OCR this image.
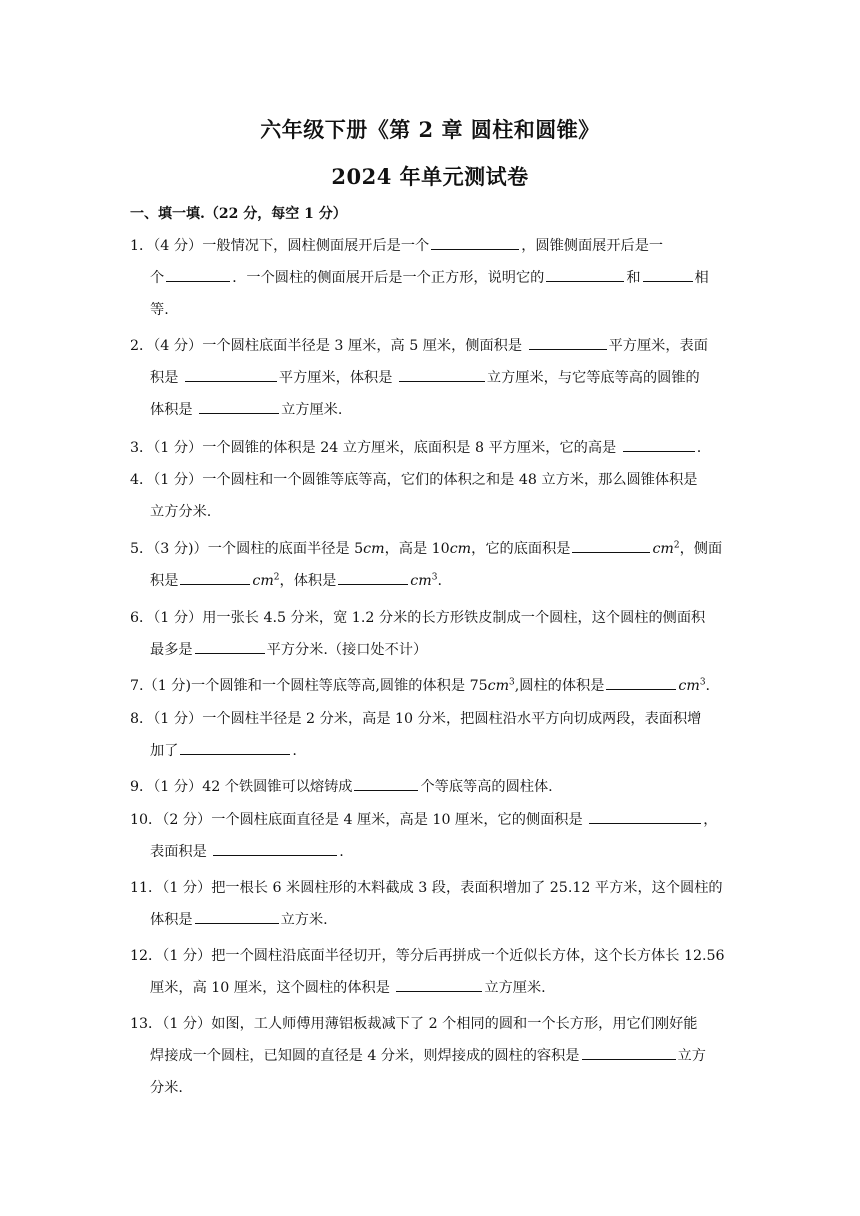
六年级下册《第 2 章 圆柱和圆锥》
2024 年单元测试卷
一、填一填.（22 分，每空 1 分）
1．（4 分）一般情况下，圆柱侧面展开后是一个	，圆锥侧面展开后是一
个	．一个圆柱的侧面展开后是一个正方形，说明它的	和	相
等.
2．（4 分）一个圆柱底面半径是 3 厘米，高 5 厘米，侧面积是	平方厘米，表面
积是	平方厘米，体积是	立方厘米，与它等底等高的圆锥的
体积是	立方厘米.
3．（1 分）一个圆锥的体积是 24 立方厘米，底面积是 8 平方厘米，它的高是	.
4．（1 分）一个圆柱和一个圆锥等底等高，它们的体积之和是 48 立方米，那么圆锥体积是
立方分米.
5．（3 分)）一个圆柱的底面半径是 5cm，高是 10cm，它的底面积是	$cm^2$，侧面
积是	$cm^2$，体积是	$cm^3$.
6．（1 分）用一张长 4.5 分米，宽 1.2 分米的长方形铁皮制成一个圆柱，这个圆柱的侧面积
最多是	平方分米.（接口处不计）
7.（1 分)一个圆锥和一个圆柱等底等高,圆锥的体积是 $75cm^3$,圆柱的体积是	$cm^3$.
8．（1 分）一个圆柱半径是 2 分米，高是 10 分米，把圆柱沿水平方向切成两段，表面积增
加了	.
9．（1 分）42 个铁圆锥可以熔铸成	个等底等高的圆柱体.
10．（2 分）一个圆柱底面直径是 4 厘米，高是 10 厘米，它的侧面积是	，
表面积是	.
11．（1 分）把一根长 6 米圆柱形的木料截成 3 段，表面积增加了 25.12 平方米，这个圆柱的
体积是	立方米.
12．（1 分）把一个圆柱沿底面半径切开，等分后再拼成一个近似长方体，这个长方体长 12.56
厘米，高 10 厘米，这个圆柱的体积是	立方厘米.
13．（1 分）如图，工人师傅用薄铝板裁减下了 2 个相同的圆和一个长方形，用它们刚好能
焊接成一个圆柱，已知圆的直径是 4 分米，则焊接成的圆柱的容积是	立方
分米.
